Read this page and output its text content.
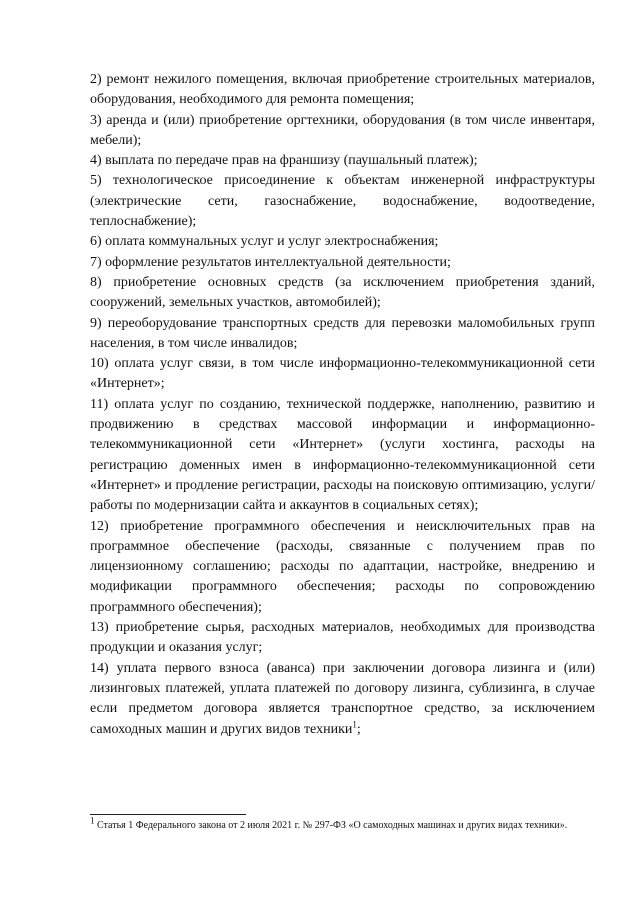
2) ремонт нежилого помещения, включая приобретение строительных материалов, оборудования, необходимого для ремонта помещения;

3) аренда и (или) приобретение оргтехники, оборудования (в том числе инвентаря, мебели);

4) выплата по передаче прав на франшизу (паушальный платеж);

5) технологическое присоединение к объектам инженерной инфраструктуры (электрические сети, газоснабжение, водоснабжение, водоотведение, теплоснабжение);

6) оплата коммунальных услуг и услуг электроснабжения;

7) оформление результатов интеллектуальной деятельности;

8) приобретение основных средств (за исключением приобретения зданий, сооружений, земельных участков, автомобилей);

9) переоборудование транспортных средств для перевозки маломобильных групп населения, в том числе инвалидов;

10) оплата услуг связи, в том числе информационно-телекоммуникационной сети «Интернет»;

11) оплата услуг по созданию, технической поддержке, наполнению, развитию и продвижению в средствах массовой информации и информационно-телекоммуникационной сети «Интернет» (услуги хостинга, расходы на регистрацию доменных имен в информационно-телекоммуникационной сети «Интернет» и продление регистрации, расходы на поисковую оптимизацию, услуги/работы по модернизации сайта и аккаунтов в социальных сетях);

12) приобретение программного обеспечения и неисключительных прав на программное обеспечение (расходы, связанные с получением прав по лицензионному соглашению; расходы по адаптации, настройке, внедрению и модификации программного обеспечения; расходы по сопровождению программного обеспечения);

13) приобретение сырья, расходных материалов, необходимых для производства продукции и оказания услуг;

14) уплата первого взноса (аванса) при заключении договора лизинга и (или) лизинговых платежей, уплата платежей по договору лизинга, сублизинга, в случае если предметом договора является транспортное средство, за исключением самоходных машин и других видов техники$^1$;

$^1$ Статья 1 Федерального закона от 2 июля 2021 г. № 297-ФЗ «О самоходных машинах и других видах техники».
